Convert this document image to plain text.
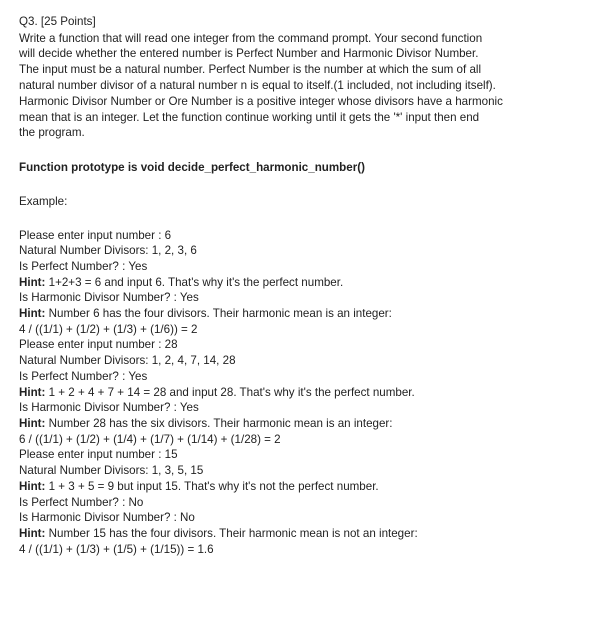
Q3. [25 Points]
Write a function that will read one integer from the command prompt. Your second function
will decide whether the entered number is Perfect Number and Harmonic Divisor Number.
The input must be a natural number. Perfect Number is the number at which the sum of all
natural number divisor of a natural number n is equal to itself.(1 included, not including itself).
Harmonic Divisor Number or Ore Number is a positive integer whose divisors have a harmonic
mean that is an integer. Let the function continue working until it gets the '*' input then end
the program.
Function prototype is void decide_perfect_harmonic_number()
Example:
Please enter input number : 6
Natural Number Divisors: 1, 2, 3, 6
Is Perfect Number? : Yes
Hint: 1+2+3 = 6 and input 6. That's why it's the perfect number.
Is Harmonic Divisor Number? : Yes
Hint: Number 6 has the four divisors. Their harmonic mean is an integer:
4 / ((1/1) + (1/2) + (1/3) + (1/6)) = 2
Please enter input number : 28
Natural Number Divisors: 1, 2, 4, 7, 14, 28
Is Perfect Number? : Yes
Hint: 1 + 2 + 4 + 7 + 14 = 28 and input 28. That's why it's the perfect number.
Is Harmonic Divisor Number? : Yes
Hint: Number 28 has the six divisors. Their harmonic mean is an integer:
6 / ((1/1) + (1/2) + (1/4) + (1/7) + (1/14) + (1/28) = 2
Please enter input number : 15
Natural Number Divisors: 1, 3, 5, 15
Hint: 1 + 3 + 5 = 9 but input 15. That's why it's not the perfect number.
Is Perfect Number? : No
Is Harmonic Divisor Number? : No
Hint: Number 15 has the four divisors. Their harmonic mean is not an integer:
4 / ((1/1) + (1/3) + (1/5) + (1/15)) = 1.6
